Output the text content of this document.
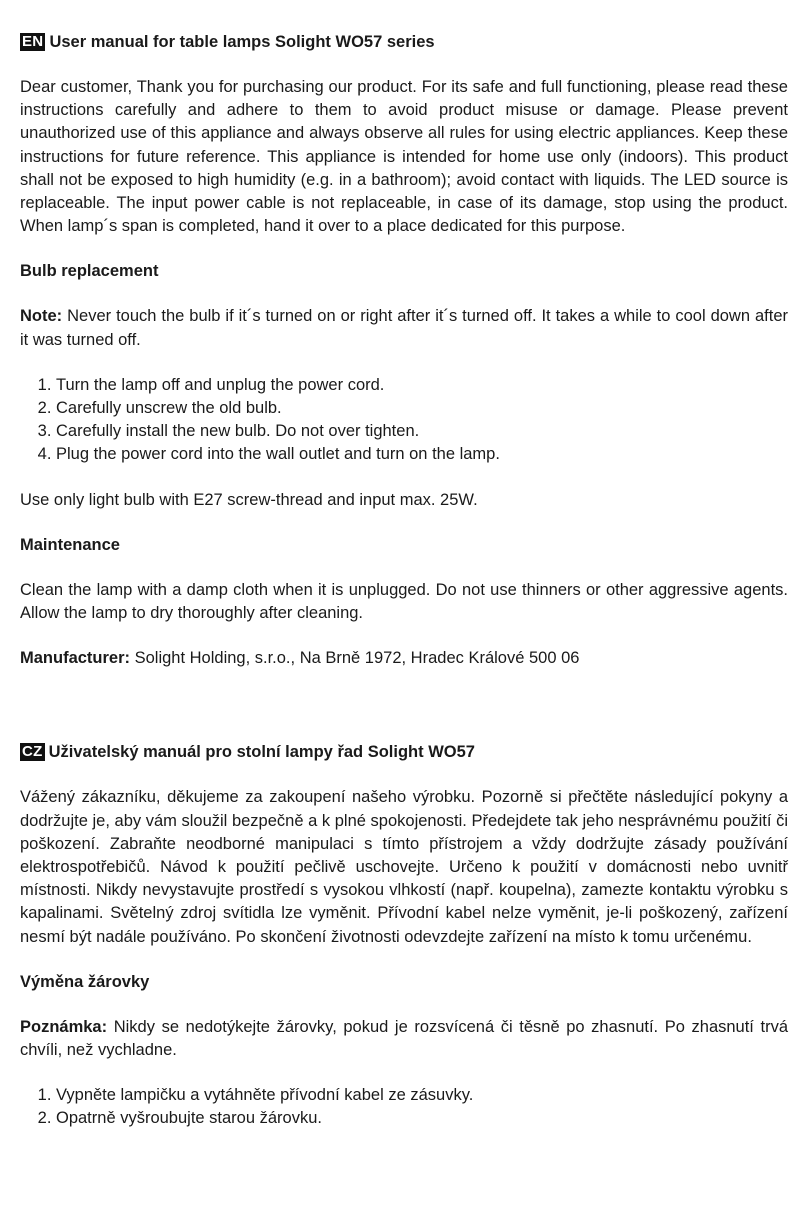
EN User manual for table lamps Solight WO57 series

Dear customer, Thank you for purchasing our product. For its safe and full functioning, please read these instructions carefully and adhere to them to avoid product misuse or damage. Please prevent unauthorized use of this appliance and always observe all rules for using electric appliances. Keep these instructions for future reference. This appliance is intended for home use only (indoors). This product shall not be exposed to high humidity (e.g. in a bathroom); avoid contact with liquids. The LED source is replaceable. The input power cable is not replaceable, in case of its damage, stop using the product. When lamp´s span is completed, hand it over to a place dedicated for this purpose.

Bulb replacement

Note: Never touch the bulb if it´s turned on or right after it´s turned off. It takes a while to cool down after it was turned off.

1. Turn the lamp off and unplug the power cord.
2. Carefully unscrew the old bulb.
3. Carefully install the new bulb. Do not over tighten.
4. Plug the power cord into the wall outlet and turn on the lamp.

Use only light bulb with E27 screw-thread and input max. 25W.

Maintenance

Clean the lamp with a damp cloth when it is unplugged. Do not use thinners or other aggressive agents. Allow the lamp to dry thoroughly after cleaning.

Manufacturer: Solight Holding, s.r.o., Na Brně 1972, Hradec Králové 500 06

CZ Uživatelský manuál pro stolní lampy řad Solight WO57

Vážený zákazníku, děkujeme za zakoupení našeho výrobku. Pozorně si přečtěte následující pokyny a dodržujte je, aby vám sloužil bezpečně a k plné spokojenosti. Předejdete tak jeho nesprávnému použití či poškození. Zabraňte neodborné manipulaci s tímto přístrojem a vždy dodržujte zásady používání elektrospotřebičů. Návod k použití pečlivě uschovejte. Určeno k použití v domácnosti nebo uvnitř místnosti. Nikdy nevystavujte prostředí s vysokou vlhkostí (např. koupelna), zamezte kontaktu výrobku s kapalinami. Světelný zdroj svítidla lze vyměnit. Přívodní kabel nelze vyměnit, je-li poškozený, zařízení nesmí být nadále používáno. Po skončení životnosti odevzdejte zařízení na místo k tomu určenému.

Výměna žárovky

Poznámka: Nikdy se nedotýkejte žárovky, pokud je rozsvícená či těsně po zhasnutí. Po zhasnutí trvá chvíli, než vychladne.

1. Vypněte lampičku a vytáhněte přívodní kabel ze zásuvky.
2. Opatrně vyšroubujte starou žárovku.
